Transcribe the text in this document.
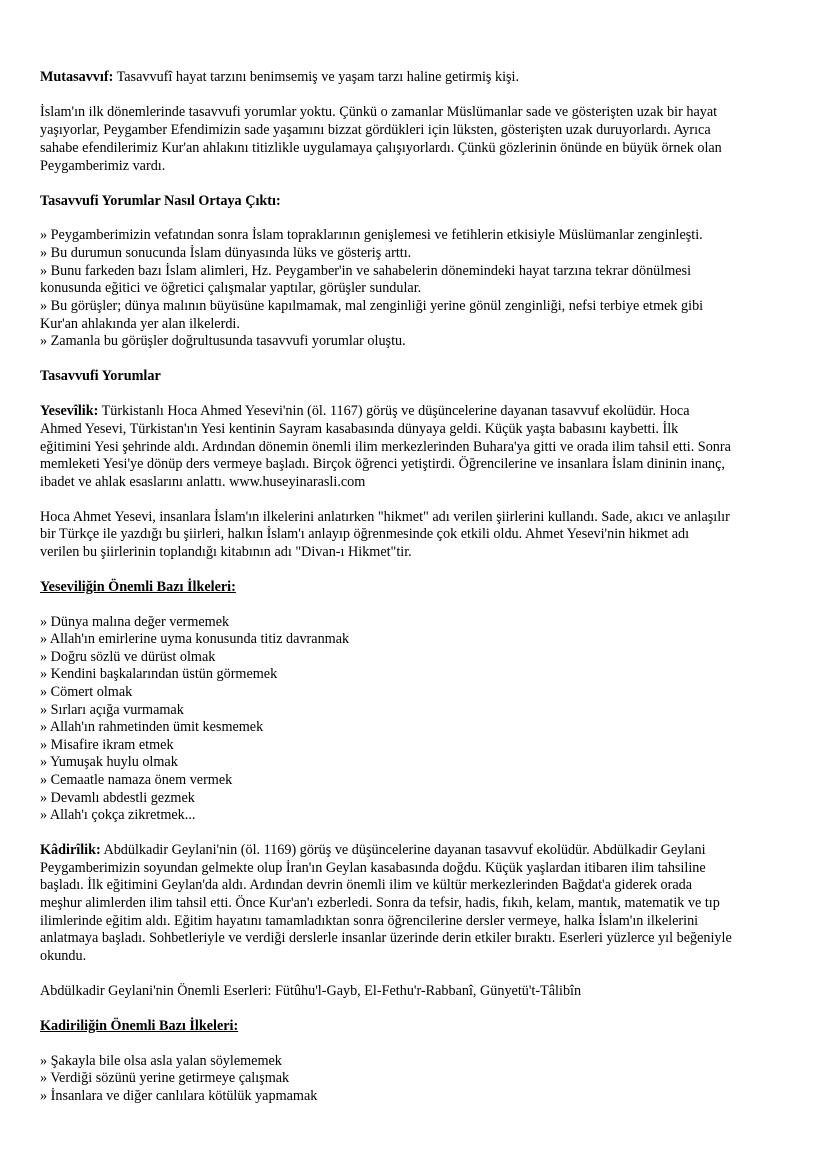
Mutasavvıf: Tasavvufî hayat tarzını benimsemiş ve yaşam tarzı haline getirmiş kişi.
İslam'ın ilk dönemlerinde tasavvufi yorumlar yoktu. Çünkü o zamanlar Müslümanlar sade ve gösterişten uzak bir hayat
yaşıyorlar, Peygamber Efendimizin sade yaşamını bizzat gördükleri için lüksten, gösterişten uzak duruyorlardı. Ayrıca
sahabe efendilerimiz Kur'an ahlakını titizlikle uygulamaya çalışıyorlardı. Çünkü gözlerinin önünde en büyük örnek olan
Peygamberimiz vardı.
Tasavvufi Yorumlar Nasıl Ortaya Çıktı:
» Peygamberimizin vefatından sonra İslam topraklarının genişlemesi ve fetihlerin etkisiyle Müslümanlar zenginleşti.
» Bu durumun sonucunda İslam dünyasında lüks ve gösteriş arttı.
» Bunu farkeden bazı İslam alimleri, Hz. Peygamber'in ve sahabelerin dönemindeki hayat tarzına tekrar dönülmesi
konusunda eğitici ve öğretici çalışmalar yaptılar, görüşler sundular.
» Bu görüşler; dünya malının büyüsüne kapılmamak, mal zenginliği yerine gönül zenginliği, nefsi terbiye etmek gibi
Kur'an ahlakında yer alan ilkelerdi.
» Zamanla bu görüşler doğrultusunda tasavvufi yorumlar oluştu.
Tasavvufi Yorumlar
Yesevîlik: Türkistanlı Hoca Ahmed Yesevi'nin (öl. 1167) görüş ve düşüncelerine dayanan tasavvuf ekolüdür. Hoca
Ahmed Yesevi, Türkistan'ın Yesi kentinin Sayram kasabasında dünyaya geldi. Küçük yaşta babasını kaybetti. İlk
eğitimini Yesi şehrinde aldı. Ardından dönemin önemli ilim merkezlerinden Buhara'ya gitti ve orada ilim tahsil etti. Sonra
memleketi Yesi'ye dönüp ders vermeye başladı. Birçok öğrenci yetiştirdi. Öğrencilerine ve insanlara İslam dininin inanç,
ibadet ve ahlak esaslarını anlattı. www.huseyinarasli.com
Hoca Ahmet Yesevi, insanlara İslam'ın ilkelerini anlatırken "hikmet" adı verilen şiirlerini kullandı. Sade, akıcı ve anlaşılır
bir Türkçe ile yazdığı bu şiirleri, halkın İslam'ı anlayıp öğrenmesinde çok etkili oldu. Ahmet Yesevi'nin hikmet adı
verilen bu şiirlerinin toplandığı kitabının adı "Divan-ı Hikmet"tir.
Yeseviliğin Önemli Bazı İlkeleri:
» Dünya malına değer vermemek
» Allah'ın emirlerine uyma konusunda titiz davranmak
» Doğru sözlü ve dürüst olmak
» Kendini başkalarından üstün görmemek
» Cömert olmak
» Sırları açığa vurmamak
» Allah'ın rahmetinden ümit kesmemek
» Misafire ikram etmek
» Yumuşak huylu olmak
» Cemaatle namaza önem vermek
» Devamlı abdestli gezmek
» Allah'ı çokça zikretmek...
Kâdirîlik: Abdülkadir Geylani'nin (öl. 1169) görüş ve düşüncelerine dayanan tasavvuf ekolüdür. Abdülkadir Geylani
Peygamberimizin soyundan gelmekte olup İran'ın Geylan kasabasında doğdu. Küçük yaşlardan itibaren ilim tahsiline
başladı. İlk eğitimini Geylan'da aldı. Ardından devrin önemli ilim ve kültür merkezlerinden Bağdat'a giderek orada
meşhur alimlerden ilim tahsil etti. Önce Kur'an'ı ezberledi. Sonra da tefsir, hadis, fıkıh, kelam, mantık, matematik ve tıp
ilimlerinde eğitim aldı. Eğitim hayatını tamamladıktan sonra öğrencilerine dersler vermeye, halka İslam'ın ilkelerini
anlatmaya başladı. Sohbetleriyle ve verdiği derslerle insanlar üzerinde derin etkiler bıraktı. Eserleri yüzlerce yıl beğeniyle
okundu.
Abdülkadir Geylani'nin Önemli Eserleri: Fütûhu'l-Gayb, El-Fethu'r-Rabbanî, Günyetü't-Tâlibîn
Kadiriliğin Önemli Bazı İlkeleri:
» Şakayla bile olsa asla yalan söylememek
» Verdiği sözünü yerine getirmeye çalışmak
» İnsanlara ve diğer canlılara kötülük yapmamak
